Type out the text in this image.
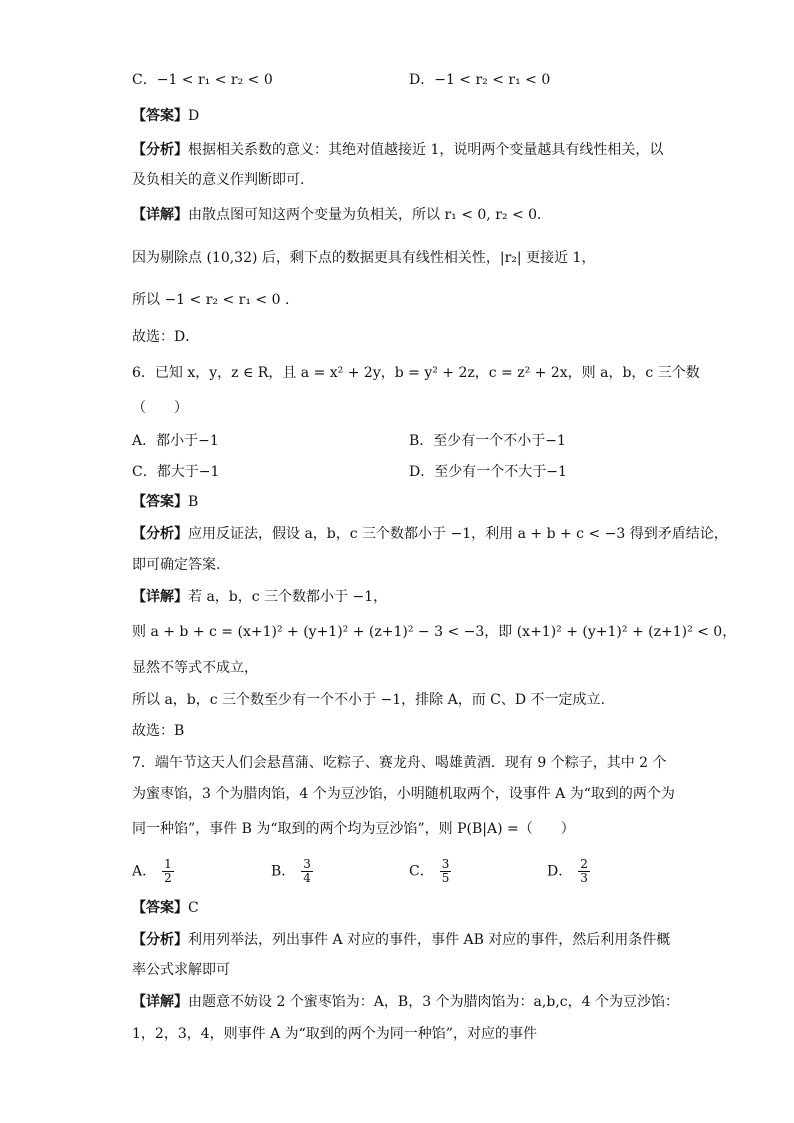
C．−1 < r₁ < r₂ < 0	D．−1 < r₂ < r₁ < 0
【答案】D
【分析】根据相关系数的意义：其绝对值越接近 1，说明两个变量越具有线性相关，以
及负相关的意义作判断即可.
【详解】由散点图可知这两个变量为负相关，所以 r₁ < 0, r₂ < 0．
因为剔除点 (10,32) 后，剩下点的数据更具有线性相关性，|r₂| 更接近 1，
所以 −1 < r₂ < r₁ < 0 ．
故选：D．
6．已知 x，y，z ∈ R，且 a = x² + 2y，b = y² + 2z，c = z² + 2x，则 a，b，c 三个数
（　　）
A．都小于−1	B．至少有一个不小于−1
C．都大于−1	D．至少有一个不大于−1
【答案】B
【分析】应用反证法，假设 a，b，c 三个数都小于 −1，利用 a + b + c < −3 得到矛盾结论，
即可确定答案.
【详解】若 a，b，c 三个数都小于 −1，
则 a + b + c = (x+1)² + (y+1)² + (z+1)² − 3 < −3，即 (x+1)² + (y+1)² + (z+1)² < 0，
显然不等式不成立，
所以 a，b，c 三个数至少有一个不小于 −1，排除 A，而 C、D 不一定成立.
故选：B
7．端午节这天人们会悬菖蒲、吃粽子、赛龙舟、喝雄黄酒．现有 9 个粽子，其中 2 个
为蜜枣馅，3 个为腊肉馅，4 个为豆沙馅，小明随机取两个，设事件 A 为“取到的两个为
同一种馅”，事件 B 为“取到的两个均为豆沙馅”，则 P(B|A) =（　　）
A． $\frac{1}{2}$	B． $\frac{3}{4}$	C． $\frac{3}{5}$	D． $\frac{2}{3}$
【答案】C
【分析】利用列举法，列出事件 A 对应的事件，事件 AB 对应的事件，然后利用条件概
率公式求解即可
【详解】由题意不妨设 2 个蜜枣馅为：A，B，3 个为腊肉馅为：a,b,c，4 个为豆沙馅：
1，2，3，4，则事件 A 为“取到的两个为同一种馅”，对应的事件
